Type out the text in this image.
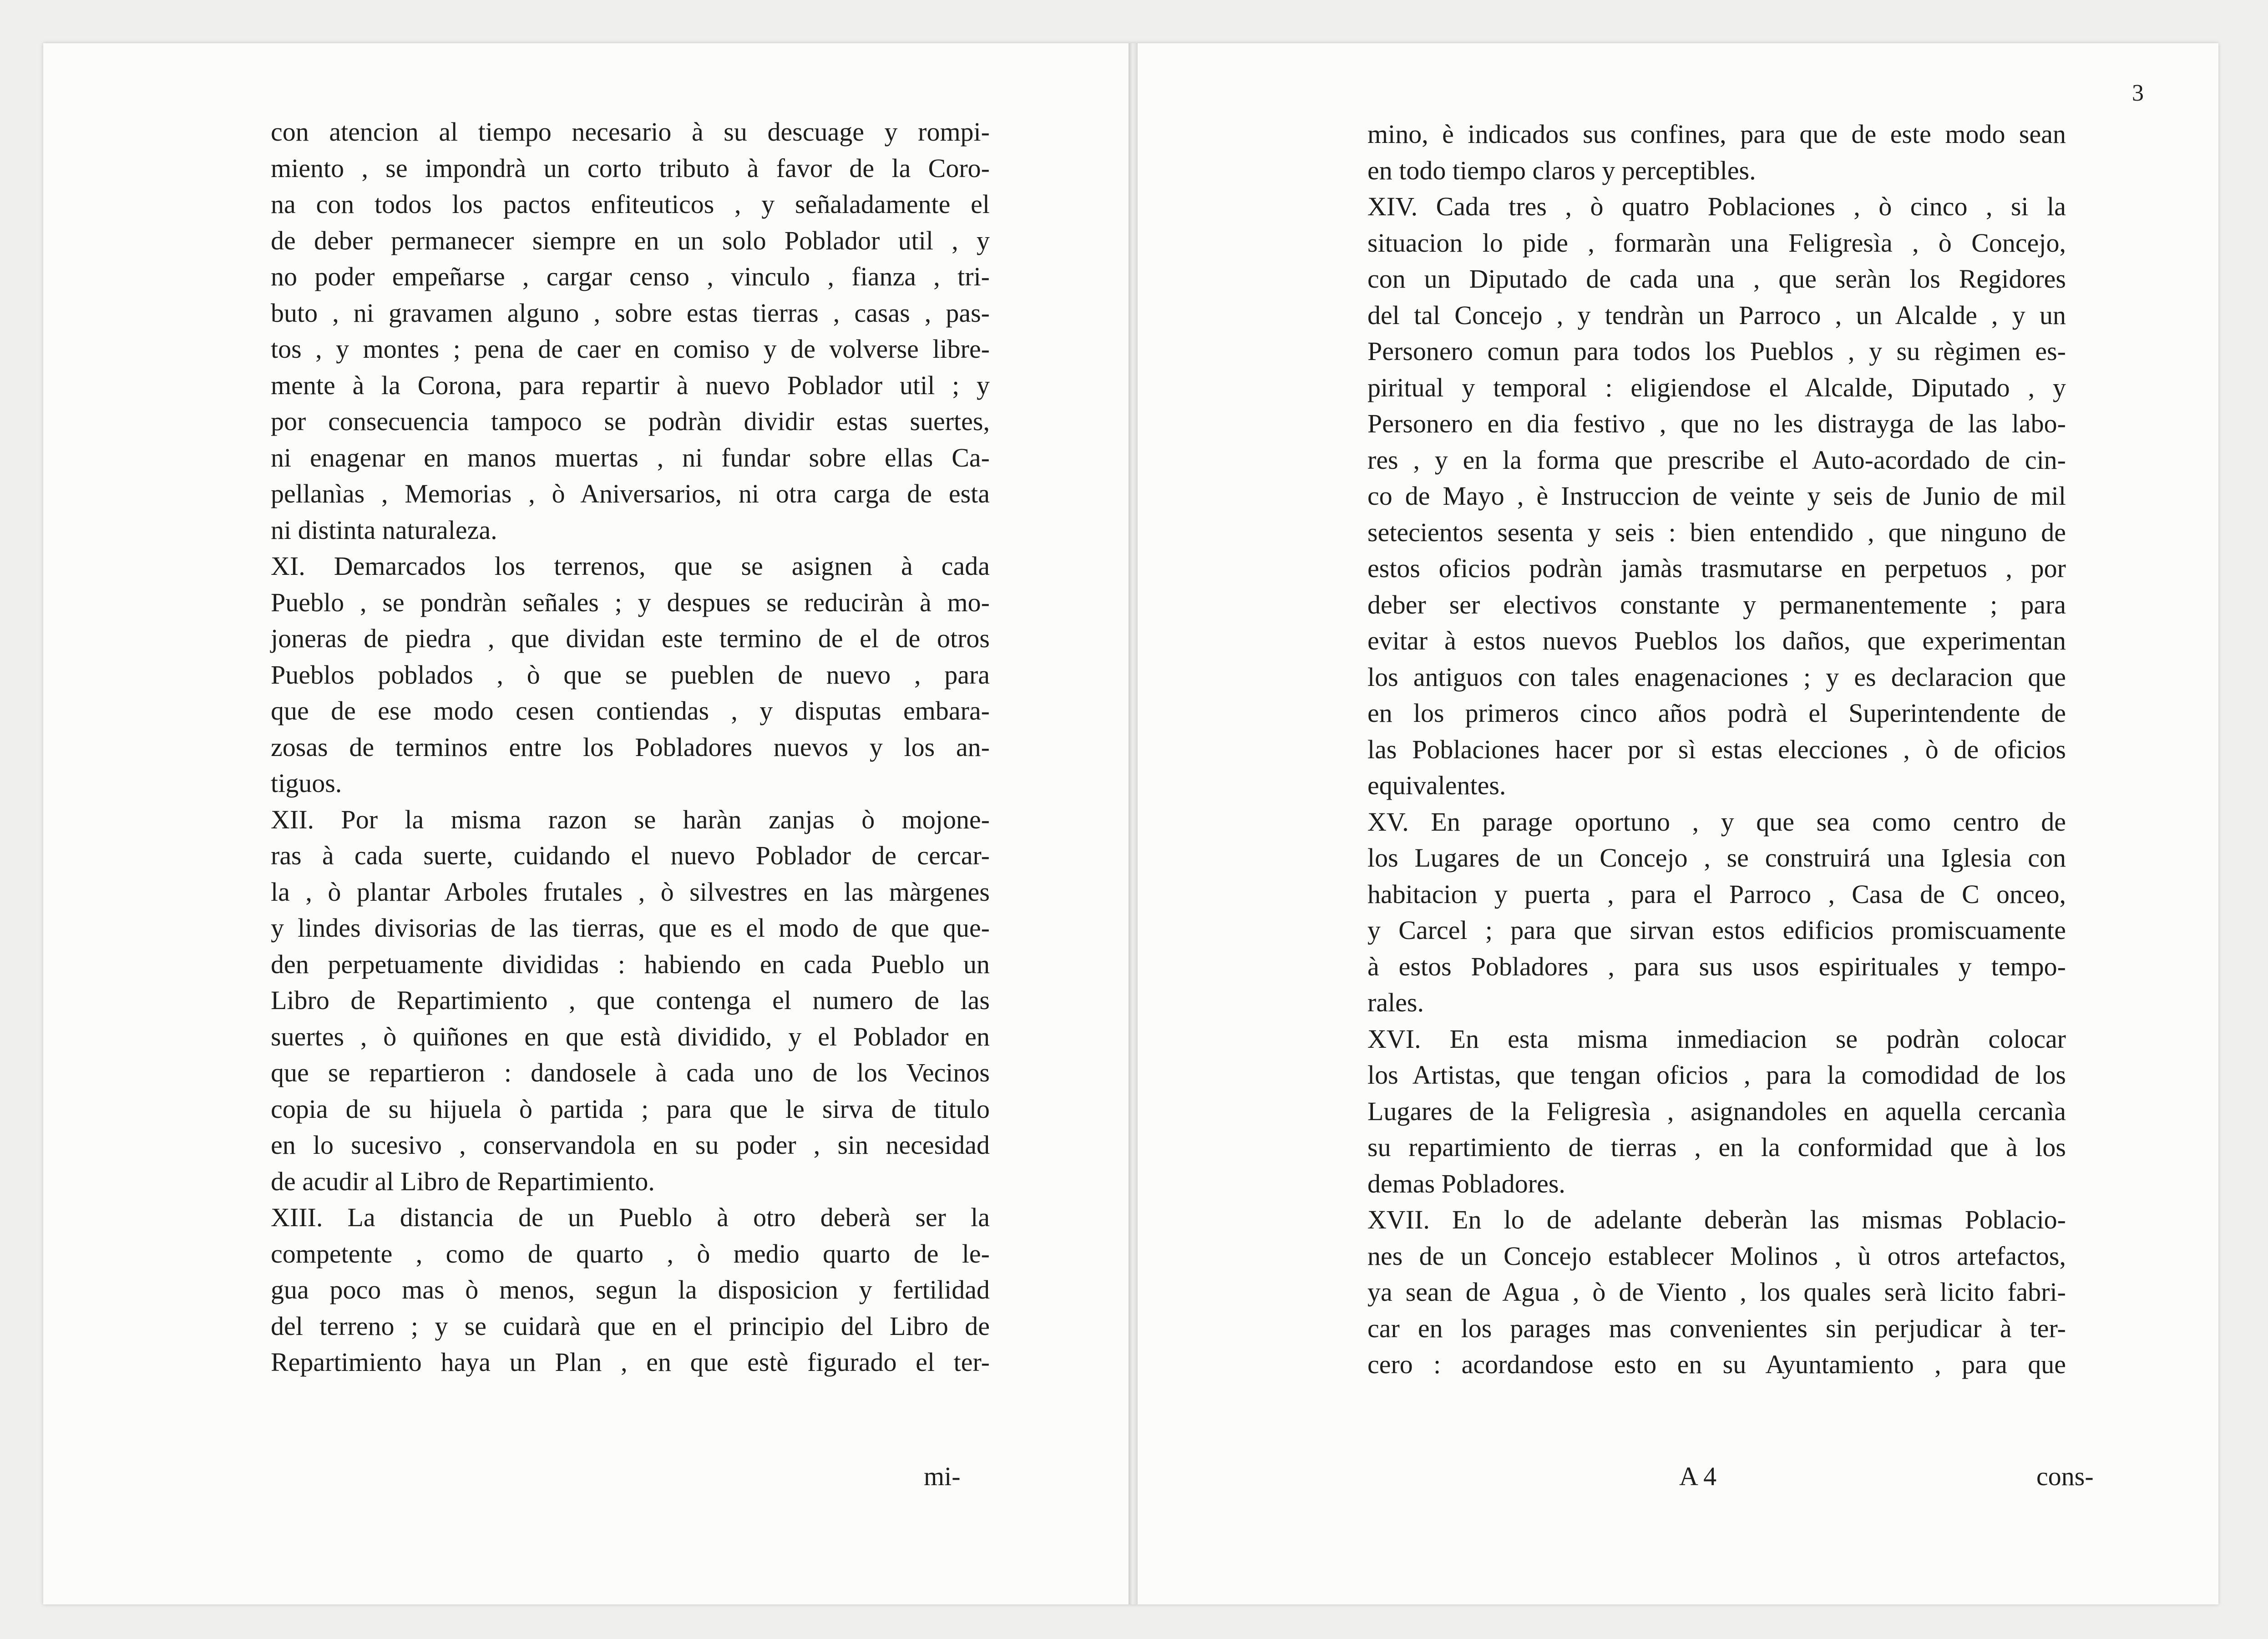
con atencion al tiempo necesario à su descuage y rompi-
miento , se impondrà un corto tributo à favor de la Coro-
na con todos los pactos enfiteuticos , y señaladamente el
de deber permanecer siempre en un solo Poblador util , y
no poder empeñarse , cargar censo , vinculo , fianza , tri-
buto , ni gravamen alguno , sobre estas tierras , casas , pas-
tos , y montes ; pena de caer en comiso y de volverse libre-
mente à la Corona, para repartir à nuevo Poblador util ; y
por consecuencia tampoco se podràn dividir estas suertes,
ni enagenar en manos muertas , ni fundar sobre ellas Ca-
pellanìas , Memorias , ò Aniversarios, ni otra carga de esta
ni distinta naturaleza.
XI. Demarcados los terrenos, que se asignen à cada
Pueblo , se pondràn señales ; y despues se reduciràn à mo-
joneras de piedra , que dividan este termino de el de otros
Pueblos poblados , ò que se pueblen de nuevo , para
que de ese modo cesen contiendas , y disputas embara-
zosas de terminos entre los Pobladores nuevos y los an-
tiguos.
XII. Por la misma razon se haràn zanjas ò mojone-
ras à cada suerte, cuidando el nuevo Poblador de cercar-
la , ò plantar Arboles frutales , ò silvestres en las màrgenes
y lindes divisorias de las tierras, que es el modo de que que-
den perpetuamente divididas : habiendo en cada Pueblo un
Libro de Repartimiento , que contenga el numero de las
suertes , ò quiñones en que està dividido, y el Poblador en
que se repartieron : dandosele à cada uno de los Vecinos
copia de su hijuela ò partida ; para que le sirva de titulo
en lo sucesivo , conservandola en su poder , sin necesidad
de acudir al Libro de Repartimiento.
XIII. La distancia de un Pueblo à otro deberà ser la
competente , como de quarto , ò medio quarto de le-
gua poco mas ò menos, segun la disposicion y fertilidad
del terreno ; y se cuidarà que en el principio del Libro de
Repartimiento haya un Plan , en que estè figurado el ter-
mi-
3
mino, è indicados sus confines, para que de este modo sean
en todo tiempo claros y perceptibles.
XIV. Cada tres , ò quatro Poblaciones , ò cinco , si la
situacion lo pide , formaràn una Feligresìa , ò Concejo,
con un Diputado de cada una , que seràn los Regidores
del tal Concejo , y tendràn un Parroco , un Alcalde , y un
Personero comun para todos los Pueblos , y su règimen es-
piritual y temporal : eligiendose el Alcalde, Diputado , y
Personero en dia festivo , que no les distrayga de las labo-
res , y en la forma que prescribe el Auto-acordado de cin-
co de Mayo , è Instruccion de veinte y seis de Junio de mil
setecientos sesenta y seis : bien entendido , que ninguno de
estos oficios podràn jamàs trasmutarse en perpetuos , por
deber ser electivos constante y permanentemente ; para
evitar à estos nuevos Pueblos los daños, que experimentan
los antiguos con tales enagenaciones ; y es declaracion que
en los primeros cinco años podrà el Superintendente de
las Poblaciones hacer por sì estas elecciones , ò de oficios
equivalentes.
XV. En parage oportuno , y que sea como centro de
los Lugares de un Concejo , se construirá una Iglesia con
habitacion y puerta , para el Parroco , Casa de C onceo,
y Carcel ; para que sirvan estos edificios promiscuamente
à estos Pobladores , para sus usos espirituales y tempo-
rales.
XVI. En esta misma inmediacion se podràn colocar
los Artistas, que tengan oficios , para la comodidad de los
Lugares de la Feligresìa , asignandoles en aquella cercanìa
su repartimiento de tierras , en la conformidad que à los
demas Pobladores.
XVII. En lo de adelante deberàn las mismas Poblacio-
nes de un Concejo establecer Molinos , ù otros artefactos,
ya sean de Agua , ò de Viento , los quales serà licito fabri-
car en los parages mas convenientes sin perjudicar à ter-
cero : acordandose esto en su Ayuntamiento , para que
A 4	cons-
